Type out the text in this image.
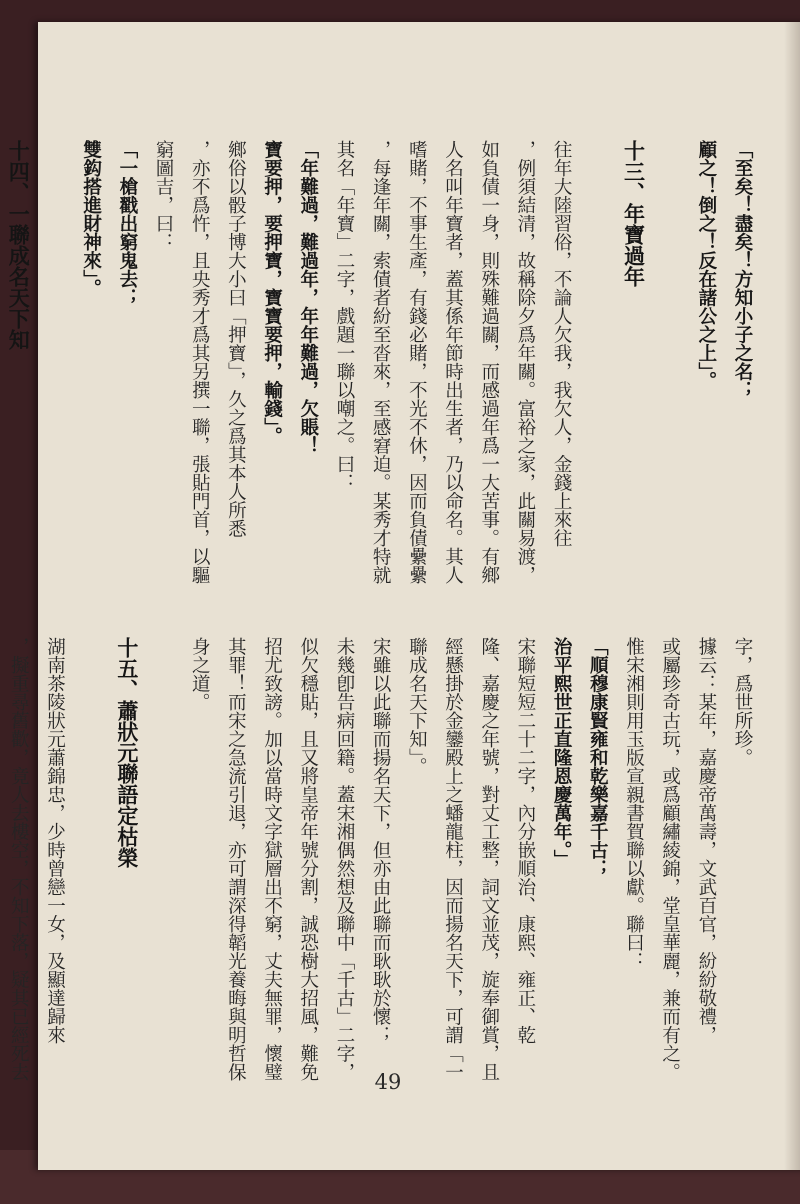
「至矣！盡矣！方知小子之名；
顧之！倒之！反在諸公之上」。
十三、年寶過年
往年大陸習俗，不論人欠我，我欠人，金錢上來往
，例須結清，故稱除夕爲年關。富裕之家，此關易渡，
如負債一身，則殊難過關，而感過年爲一大苦事。有鄉
人名叫年寶者，蓋其係年節時出生者，乃以命名。其人
嗜賭，不事生產，有錢必賭，不光不休，因而負債纍纍
，每逢年關，索債者紛至沓來，至感窘迫。某秀才特就
其名「年寶」二字，戲題一聯以嘲之。曰：
「年難過，難過年，年年難過，欠賬！
寶要押，要押寶，寶寶要押，輸錢」。
鄉俗以骰子博大小曰「押寶」，久之爲其本人所悉
，亦不爲忤，且央秀才爲其另撰一聯，張貼門首，以驅
窮圖吉，曰：
「一槍戳出窮鬼去；
雙鈎搭進財神來」。
十四、一聯成名天下知
字，爲世所珍。
據云：某年，嘉慶帝萬壽，文武百官，紛紛敬禮，
或屬珍奇古玩，或爲顧繡綾錦，堂皇華麗，兼而有之。
惟宋湘則用玉版宣親書賀聯以獻。聯曰：
「順穆康賢雍和乾樂嘉千古；
治平熙世正直隆恩慶萬年。」
宋聯短短二十二字，內分嵌順治、康熙、雍正、乾
隆、嘉慶之年號，對丈工整，詞文並茂，旋奉御賞，且
經懸掛於金鑾殿上之蟠龍柱，因而揚名天下，可謂「一
聯成名天下知」。
宋雖以此聯而揚名天下，但亦由此聯而耿耿於懷；
未幾卽告病回籍。蓋宋湘偶然想及聯中「千古」二字，
似欠穩貼，且又將皇帝年號分割，誠恐樹大招風，難免
招尤致謗。加以當時文字獄層出不窮，丈夫無罪，懷璧
其罪！而宋之急流引退，亦可謂深得韜光養晦與明哲保
身之道。
十五、蕭狀元聯語定枯榮
湖南茶陵狀元蕭錦忠，少時曾戀一女，及顯達歸來
，擬重尋舊歡，竟人去樓空，不知下落，疑其已經死去
49
